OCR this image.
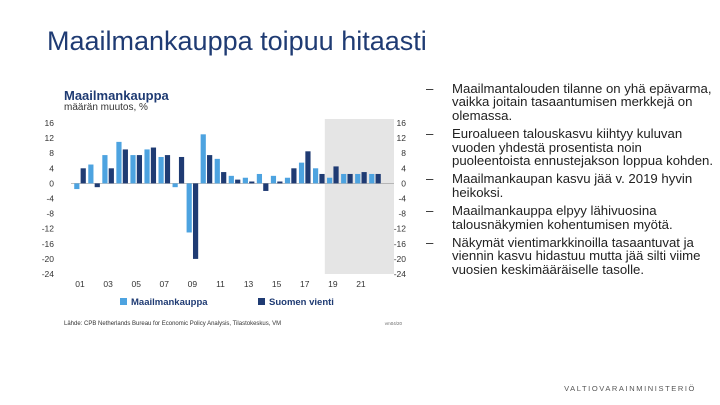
Maailmankauppa toipuu hitaasti
Maailmankauppa
määrän muutos, %
16
12
8
4
0
-4
-8
-12
-16
-20
-24
16
12
8
4
0
-4
-8
-12
-16
-20
-24
01 03 05 07 09 11 13 15 17 19 21
Maailmankauppa	Suomen vienti
Lähde: CPB Netherlands Bureau for Economic Policy Analysis, Tilastokeskus, VM	vm04/20
– Maailmantalouden tilanne on yhä epävarma, vaikka joitain tasaantumisen merkkejä on olemassa.
– Euroalueen talouskasvu kiihtyy kuluvan vuoden yhdestä prosentista noin puoleentoista ennustejakson loppua kohden.
– Maailmankaupan kasvu jää v. 2019 hyvin heikoksi.
– Maailmankauppa elpyy lähivuosina talousnäkymien kohentumisen myötä.
– Näkymät vientimarkkinoilla tasaantuvat ja viennin kasvu hidastuu mutta jää silti viime vuosien keskimääräiselle tasolle.
VALTIOVARAINMINISTERIÖ
